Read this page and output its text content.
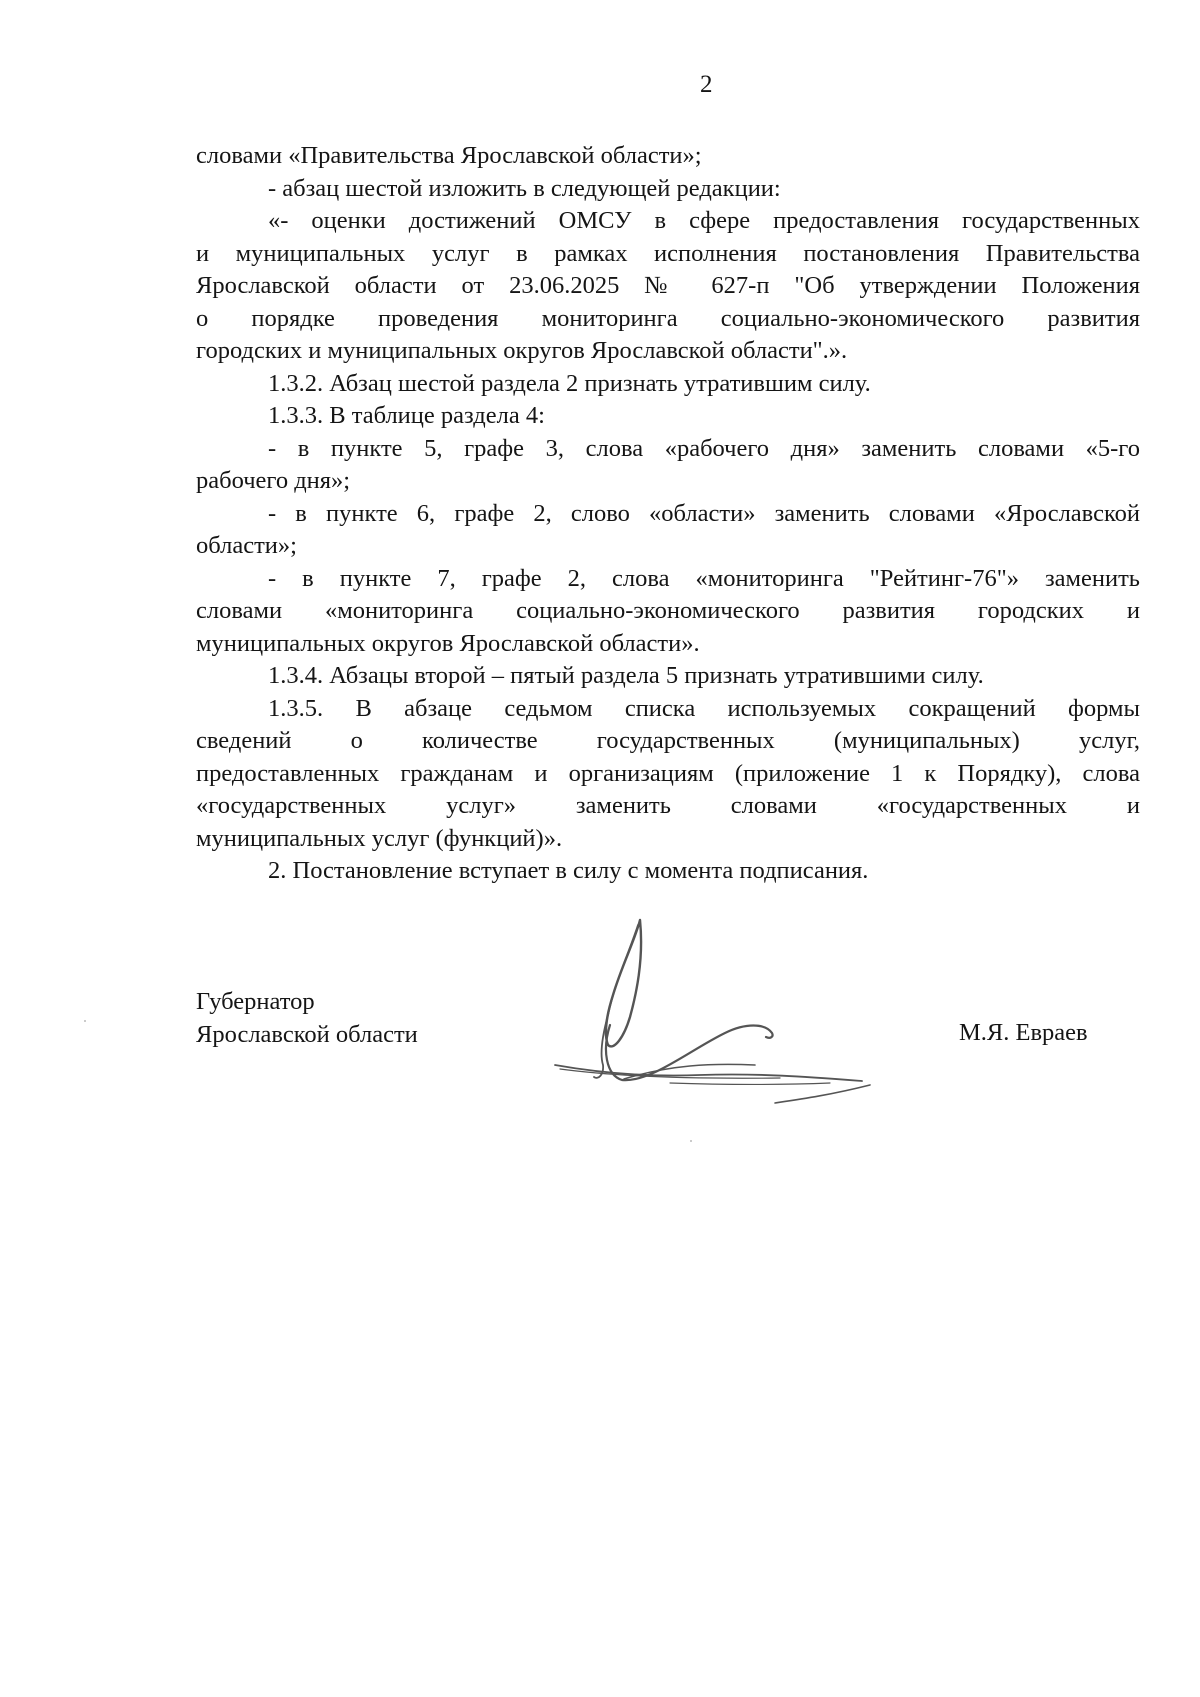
2

словами «Правительства Ярославской области»;

- абзац шестой изложить в следующей редакции:

«- оценки достижений ОМСУ в сфере предоставления государственных

и муниципальных услуг в рамках исполнения постановления Правительства

Ярославской области от 23.06.2025 № 627-п "Об утверждении Положения

о порядке проведения мониторинга социально-экономического развития

городских и муниципальных округов Ярославской области".».

1.3.2. Абзац шестой раздела 2 признать утратившим силу.

1.3.3. В таблице раздела 4:

- в пункте 5, графе 3, слова «рабочего дня» заменить словами «5-го

рабочего дня»;

- в пункте 6, графе 2, слово «области» заменить словами «Ярославской

области»;

- в пункте 7, графе 2, слова «мониторинга "Рейтинг-76"» заменить

словами «мониторинга социально-экономического развития городских и

муниципальных округов Ярославской области».

1.3.4. Абзацы второй – пятый раздела 5 признать утратившими силу.

1.3.5. В абзаце седьмом списка используемых сокращений формы

сведений о количестве государственных (муниципальных) услуг,

предоставленных гражданам и организациям (приложение 1 к Порядку), слова

«государственных услуг» заменить словами «государственных и

муниципальных услуг (функций)».

2. Постановление вступает в силу с момента подписания.

Губернатор
Ярославской области	М.Я. Евраев
